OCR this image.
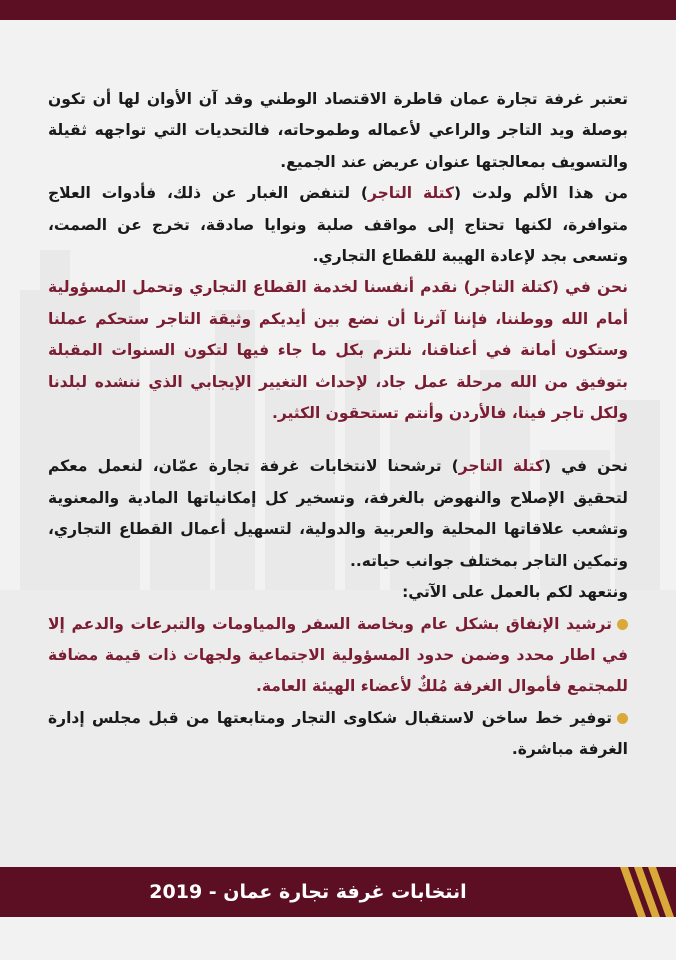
تعتبر غرفة تجارة عمان قاطرة الاقتصاد الوطني وقد آن الأوان لها أن تكون بوصلة ويد التاجر والراعي لأعماله وطموحاته، فالتحديات التي تواجهه ثقيلة والتسويف بمعالجتها عنوان عريض عند الجميع.

من هذا الألم ولدت (كتلة التاجر) لتنفض الغبار عن ذلك، فأدوات العلاج متوافرة، لكنها تحتاج إلى مواقف صلبة ونوايا صادقة، تخرج عن الصمت، وتسعى بجد لإعادة الهيبة للقطاع التجاري.

نحن في (كتلة التاجر) نقدم أنفسنا لخدمة القطاع التجاري وتحمل المسؤولية أمام الله ووطننا، فإننا آثرنا أن نضع بين أيديكم وثيقة التاجر ستحكم عملنا وستكون أمانة في أعناقنا، نلتزم بكل ما جاء فيها لتكون السنوات المقبلة بتوفيق من الله مرحلة عمل جاد، لإحداث التغيير الإيجابي الذي ننشده لبلدنا ولكل تاجر فينا، فالأردن وأنتم تستحقون الكثير.

نحن في (كتلة التاجر) ترشحنا لانتخابات غرفة تجارة عمّان، لنعمل معكم لتحقيق الإصلاح والنهوض بالغرفة، وتسخير كل إمكانياتها المادية والمعنوية وتشعب علاقاتها المحلية والعربية والدولية، لتسهيل أعمال القطاع التجاري، وتمكين التاجر بمختلف جوانب حياته..

ونتعهد لكم بالعمل على الآتي:

ترشيد الإنفاق بشكل عام وبخاصة السفر والمياومات والتبرعات والدعم إلا في اطار محدد وضمن حدود المسؤولية الاجتماعية ولجهات ذات قيمة مضافة للمجتمع فأموال الغرفة مُلكٌ لأعضاء الهيئة العامة.

توفير خط ساخن لاستقبال شكاوى التجار ومتابعتها من قبل مجلس إدارة الغرفة مباشرة.

انتخابات غرفة تجارة عمان - 2019
